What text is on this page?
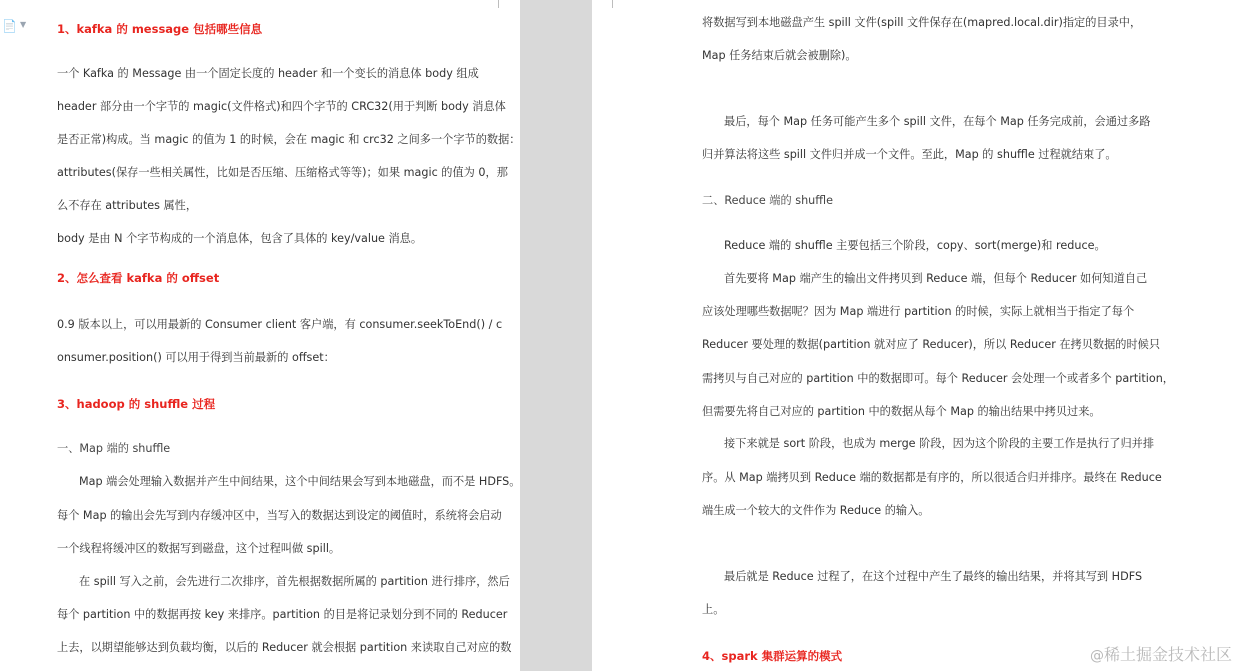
📄 ▼	1、kafka 的 message 包括哪些信息
一个 Kafka 的 Message 由一个固定长度的 header 和一个变长的消息体 body 组成
header 部分由一个字节的 magic(文件格式)和四个字节的 CRC32(用于判断 body 消息体
是否正常)构成。当 magic 的值为 1 的时候，会在 magic 和 crc32 之间多一个字节的数据：
attributes(保存一些相关属性，比如是否压缩、压缩格式等等)；如果 magic 的值为 0，那
么不存在 attributes 属性，
body 是由 N 个字节构成的一个消息体，包含了具体的 key/value 消息。
2、怎么查看 kafka 的 offset
0.9 版本以上，可以用最新的 Consumer client 客户端，有 consumer.seekToEnd() / c
onsumer.position() 可以用于得到当前最新的 offset：
3、hadoop 的 shuffle 过程
一、Map 端的 shuffle
Map 端会处理输入数据并产生中间结果，这个中间结果会写到本地磁盘，而不是 HDFS。
每个 Map 的输出会先写到内存缓冲区中，当写入的数据达到设定的阈值时，系统将会启动
一个线程将缓冲区的数据写到磁盘，这个过程叫做 spill。
在 spill 写入之前，会先进行二次排序，首先根据数据所属的 partition 进行排序，然后
每个 partition 中的数据再按 key 来排序。partition 的目是将记录划分到不同的 Reducer
上去，以期望能够达到负载均衡，以后的 Reducer 就会根据 partition 来读取自己对应的数
将数据写到本地磁盘产生 spill 文件(spill 文件保存在(mapred.local.dir)指定的目录中，
Map 任务结束后就会被删除)。
最后，每个 Map 任务可能产生多个 spill 文件，在每个 Map 任务完成前，会通过多路
归并算法将这些 spill 文件归并成一个文件。至此，Map 的 shuffle 过程就结束了。
二、Reduce 端的 shuffle
Reduce 端的 shuffle 主要包括三个阶段，copy、sort(merge)和 reduce。
首先要将 Map 端产生的输出文件拷贝到 Reduce 端，但每个 Reducer 如何知道自己
应该处理哪些数据呢？因为 Map 端进行 partition 的时候，实际上就相当于指定了每个
Reducer 要处理的数据(partition 就对应了 Reducer)，所以 Reducer 在拷贝数据的时候只
需拷贝与自己对应的 partition 中的数据即可。每个 Reducer 会处理一个或者多个 partition，
但需要先将自己对应的 partition 中的数据从每个 Map 的输出结果中拷贝过来。
接下来就是 sort 阶段，也成为 merge 阶段，因为这个阶段的主要工作是执行了归并排
序。从 Map 端拷贝到 Reduce 端的数据都是有序的，所以很适合归并排序。最终在 Reduce
端生成一个较大的文件作为 Reduce 的输入。
最后就是 Reduce 过程了，在这个过程中产生了最终的输出结果，并将其写到 HDFS
上。
4、spark 集群运算的模式	@稀土掘金技术社区
